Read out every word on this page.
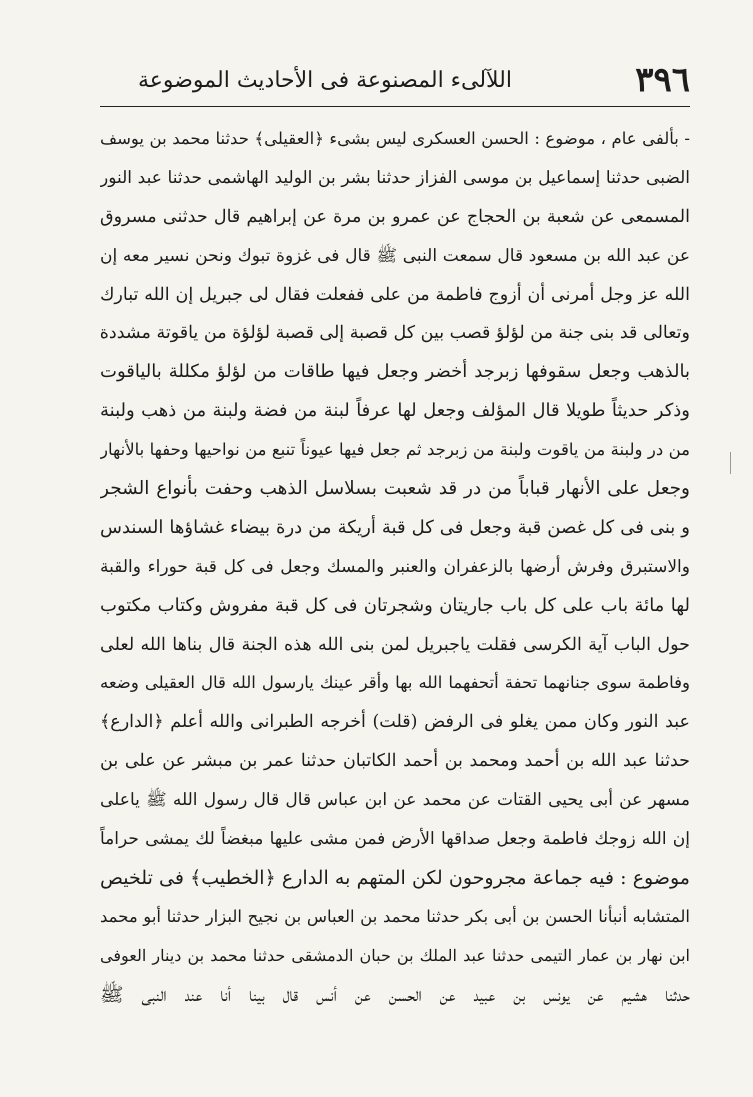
٣٩٦
اللآلىء المصنوعة فى الأحاديث الموضوعة
- بألفى عام ، موضوع : الحسن العسكرى ليس بشىء ﴿العقيلى﴾ حدثنا محمد بن يوسف
الضبى حدثنا إسماعيل بن موسى الفزاز حدثنا بشر بن الوليد الهاشمى حدثنا عبد النور
المسمعى عن شعبة بن الحجاج عن عمرو بن مرة عن إبراهيم قال حدثنى مسروق
عن عبد الله بن مسعود قال سمعت النبى ﷺ قال فى غزوة تبوك ونحن نسير معه إن
الله عز وجل أمرنى أن أزوج فاطمة من على ففعلت فقال لى جبريل إن الله تبارك
وتعالى قد بنى جنة من لؤلؤ قصب بين كل قصبة إلى قصبة لؤلؤة من ياقوتة مشددة
بالذهب وجعل سقوفها زبرجد أخضر وجعل فيها طاقات من لؤلؤ مكللة بالياقوت
وذكر حديثاً طويلا قال المؤلف وجعل لها عرفاً لبنة من فضة ولبنة من ذهب ولبنة
من در ولبنة من ياقوت ولبنة من زبرجد ثم جعل فيها عيوناً تنبع من نواحيها وحفها بالأنهار
وجعل على الأنهار قباباً من در قد شعبت بسلاسل الذهب وحفت بأنواع الشجر
و بنى فى كل غصن قبة وجعل فى كل قبة أريكة من درة بيضاء غشاؤها السندس
والاستبرق وفرش أرضها بالزعفران والعنبر والمسك وجعل فى كل قبة حوراء والقبة
لها مائة باب على كل باب جاريتان وشجرتان فى كل قبة مفروش وكتاب مكتوب
حول الباب آية الكرسى فقلت ياجبريل لمن بنى الله هذه الجنة قال بناها الله لعلى
وفاطمة سوى جنانهما تحفة أتحفهما الله بها وأقر عينك يارسول الله قال العقيلى وضعه
عبد النور وكان ممن يغلو فى الرفض (قلت) أخرجه الطبرانى والله أعلم ﴿الدارع﴾
حدثنا عبد الله بن أحمد ومحمد بن أحمد الكاتبان حدثنا عمر بن مبشر عن على بن
مسهر عن أبى يحيى القتات عن محمد عن ابن عباس قال قال رسول الله ﷺ ياعلى
إن الله زوجك فاطمة وجعل صداقها الأرض فمن مشى عليها مبغضاً لك يمشى حراماً
موضوع : فيه جماعة مجروحون لكن المتهم به الدارع ﴿الخطيب﴾ فى تلخيص
المتشابه أنبأنا الحسن بن أبى بكر حدثنا محمد بن العباس بن نجيح البزار حدثنا أبو محمد
ابن نهار بن عمار التيمى حدثنا عبد الملك بن حبان الدمشقى حدثنا محمد بن دينار العوفى
حدثنا هشيم عن يونس بن عبيد عن الحسن عن أنس قال بينا أنا عند النبى ﷺ
